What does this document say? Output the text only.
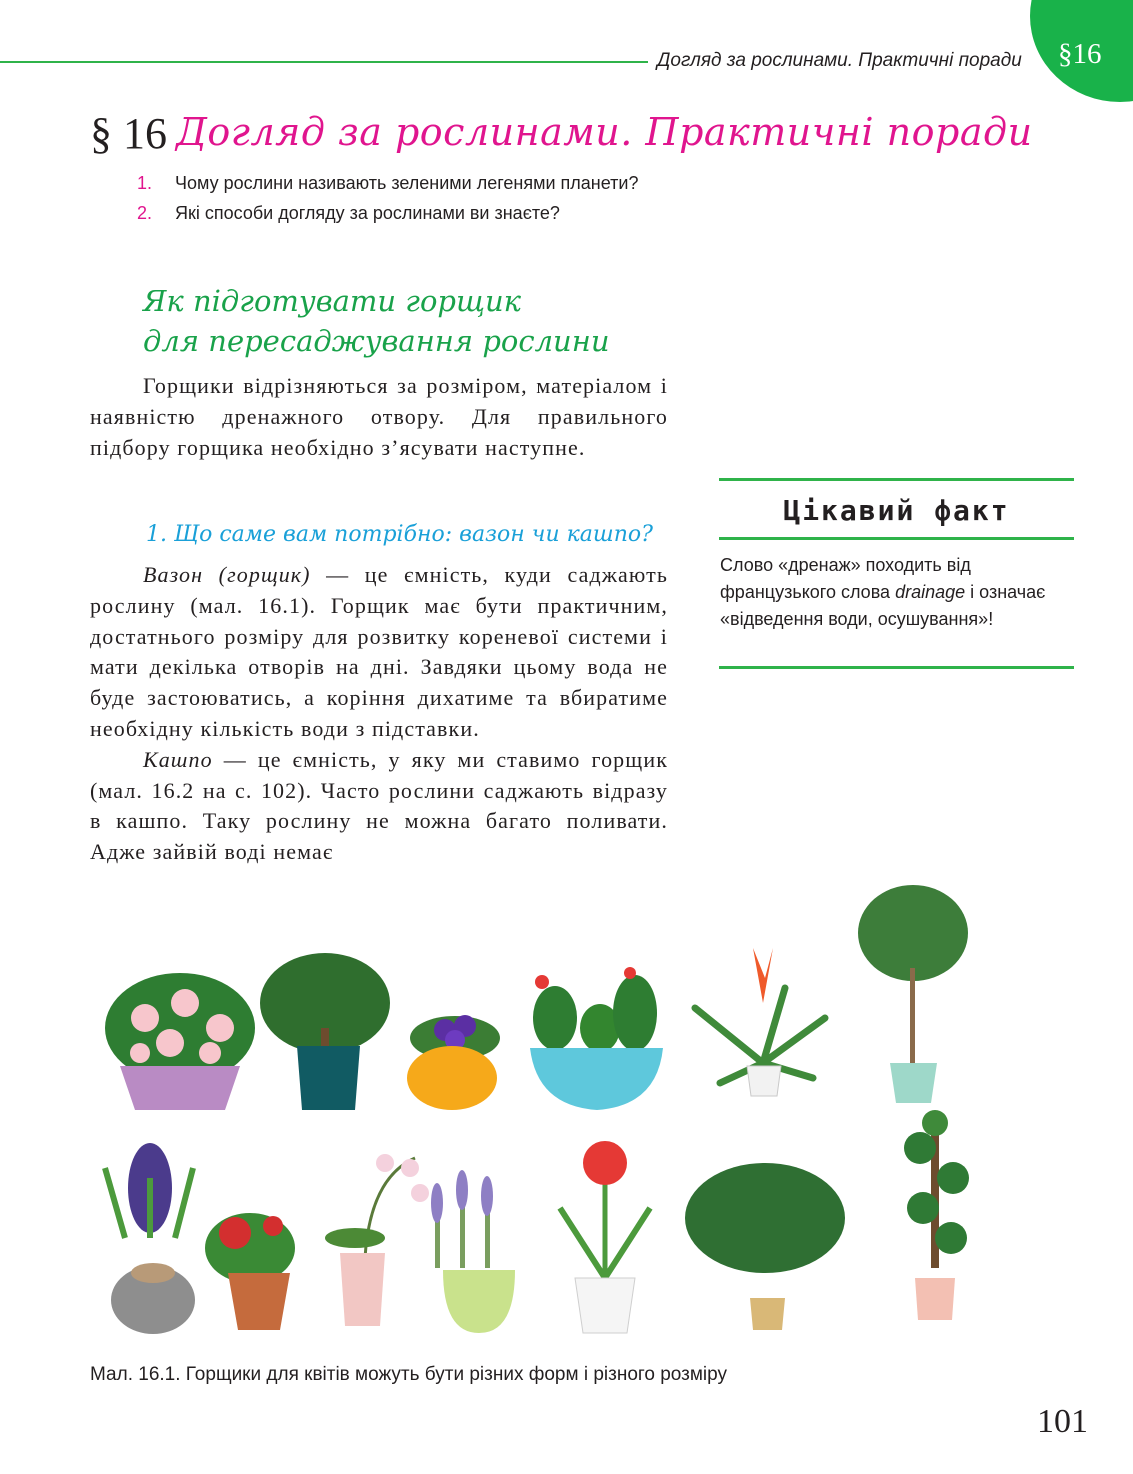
Догляд за рослинами. Практичні поради §16
§ 16 Догляд за рослинами. Практичні поради
1. Чому рослини називають зеленими легенями планети?
2. Які способи догляду за рослинами ви знаєте?
Як підготувати горщик
для пересаджування рослини

Горщики відрізняються за розміром, матеріалом і наявністю дренажного отвору. Для правильного підбору горщика необхідно з’ясувати наступне.

1. Що саме вам потрібно: вазон чи кашпо?

Вазон (горщик) — це ємність, куди саджають рослину (мал. 16.1). Горщик має бути практичним, достатнього розміру для розвитку кореневої системи і мати декілька отворів на дні. Завдяки цьому вода не буде застоюватись, а коріння дихатиме та вбиратиме необхідну кількість води з підставки.

Кашпо — це ємність, у яку ми ставимо горщик (мал. 16.2 на с. 102). Часто рослини саджають відразу в кашпо. Таку рослину не можна багато поливати. Адже зайвій воді немає

Цікавий факт
Слово «дренаж» походить від французького слова drainage і означає «відведення води, осушування»!
Мал. 16.1. Горщики для квітів можуть бути різних форм і різного розміру
101
